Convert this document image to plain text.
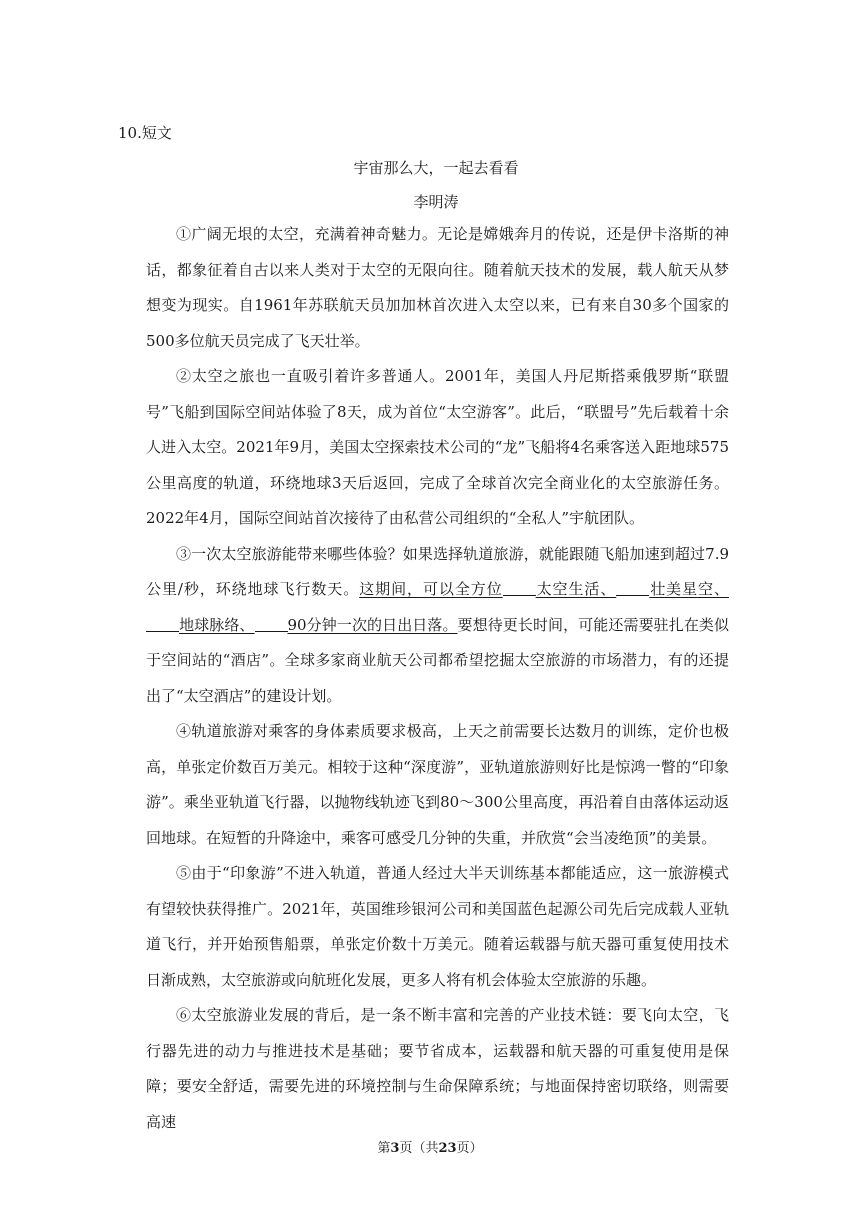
10.短文
宇宙那么大，一起去看看
李明涛

①广阔无垠的太空，充满着神奇魅力。无论是嫦娥奔月的传说，还是伊卡洛斯的神话，都象征着自古以来人类对于太空的无限向往。随着航天技术的发展，载人航天从梦想变为现实。自1961年苏联航天员加加林首次进入太空以来，已有来自30多个国家的500多位航天员完成了飞天壮举。

②太空之旅也一直吸引着许多普通人。2001年，美国人丹尼斯搭乘俄罗斯“联盟号”飞船到国际空间站体验了8天，成为首位“太空游客”。此后，“联盟号”先后载着十余人进入太空。2021年9月，美国太空探索技术公司的“龙”飞船将4名乘客送入距地球575公里高度的轨道，环绕地球3天后返回，完成了全球首次完全商业化的太空旅游任务。2022年4月，国际空间站首次接待了由私营公司组织的“全私人”宇航团队。

③一次太空旅游能带来哪些体验？如果选择轨道旅游，就能跟随飞船加速到超过7.9公里/秒，环绕地球飞行数天。这期间，可以全方位 太空生活、 壮美星空、地球脉络、 90分钟一次的日出日落。要想待更长时间，可能还需要驻扎在类似于空间站的“酒店”。全球多家商业航天公司都希望挖掘太空旅游的市场潜力，有的还提出了“太空酒店”的建设计划。

④轨道旅游对乘客的身体素质要求极高，上天之前需要长达数月的训练，定价也极高，单张定价数百万美元。相较于这种“深度游”，亚轨道旅游则好比是惊鸿一瞥的“印象游”。乘坐亚轨道飞行器，以抛物线轨迹飞到80～300公里高度，再沿着自由落体运动返回地球。在短暂的升降途中，乘客可感受几分钟的失重，并欣赏“会当凌绝顶”的美景。

⑤由于“印象游”不进入轨道，普通人经过大半天训练基本都能适应，这一旅游模式有望较快获得推广。2021年，英国维珍银河公司和美国蓝色起源公司先后完成载人亚轨道飞行，并开始预售船票，单张定价数十万美元。随着运载器与航天器可重复使用技术日渐成熟，太空旅游或向航班化发展，更多人将有机会体验太空旅游的乐趣。

⑥太空旅游业发展的背后，是一条不断丰富和完善的产业技术链：要飞向太空，飞行器先进的动力与推进技术是基础；要节省成本，运载器和航天器的可重复使用是保障；要安全舒适，需要先进的环境控制与生命保障系统；与地面保持密切联络，则需要高速

第3页（共23页）
